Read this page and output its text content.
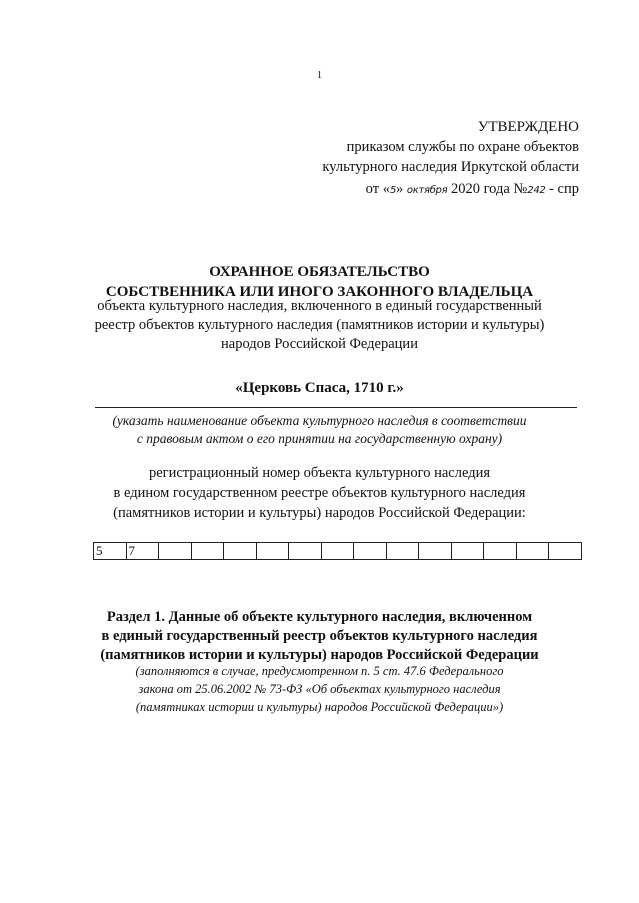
1
УТВЕРЖДЕНО
приказом службы по охране объектов
культурного наследия Иркутской области
от «5» октября 2020 года №242 - спр
ОХРАННОЕ ОБЯЗАТЕЛЬСТВО
СОБСТВЕННИКА ИЛИ ИНОГО ЗАКОННОГО ВЛАДЕЛЬЦА
объекта культурного наследия, включенного в единый государственный
реестр объектов культурного наследия (памятников истории и культуры)
народов Российской Федерации
«Церковь Спаса, 1710 г.»
(указать наименование объекта культурного наследия в соответствии
с правовым актом о его принятии на государственную охрану)
регистрационный номер объекта культурного наследия
в едином государственном реестре объектов культурного наследия
(памятников истории и культуры) народов Российской Федерации:
5	7													
Раздел 1. Данные об объекте культурного наследия, включенном
в единый государственный реестр объектов культурного наследия
(памятников истории и культуры) народов Российской Федерации
(заполняются в случае, предусмотренном п. 5 ст. 47.6 Федерального
закона от 25.06.2002 № 73-ФЗ «Об объектах культурного наследия
(памятниках истории и культуры) народов Российской Федерации»)
